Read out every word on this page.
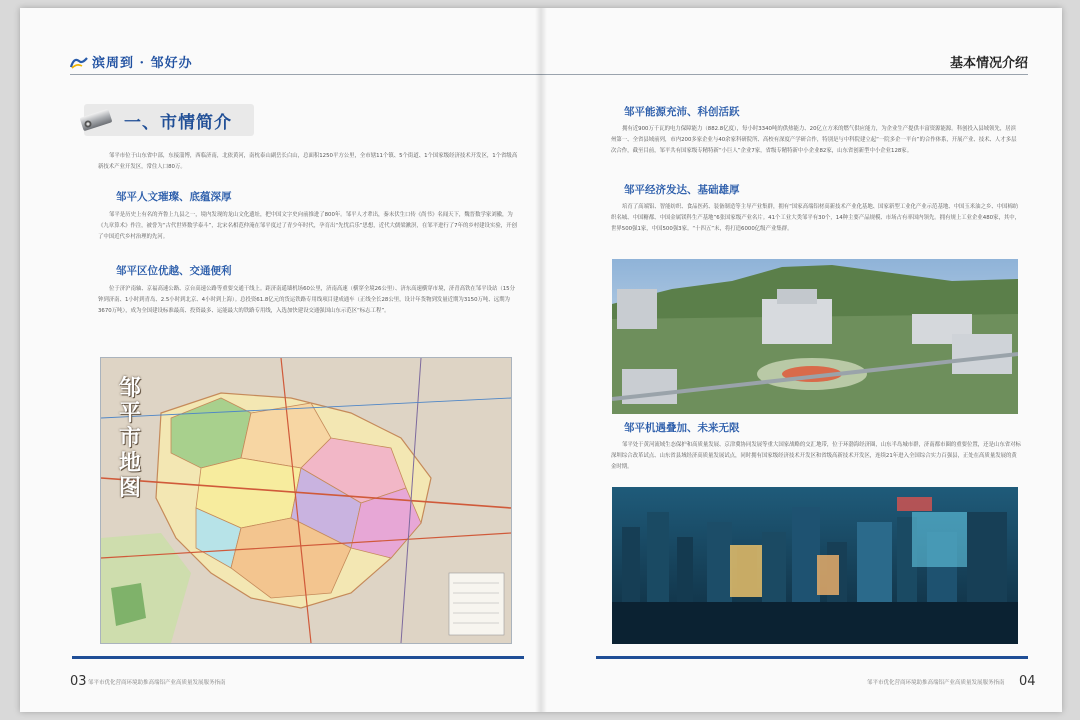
滨周到 · 邹好办
一、市情简介
邹平市位于山东省中部，东接淄博，西临济南，北依黄河，南枕泰山副岳长白山，总面积1250平方公里，全市辖11个镇、5个街道、1个国家级经济技术开发区，1个省级高新技术产业开发区，常住人口80万。
邹平人文璀璨、底蕴深厚
邹平是历史上有名的齐鲁上九县之一，境内发现的龙山文化遗址，把中国文字史向前推进了800年。邹平人才辈出，秦末伏生口传《尚书》名闻天下，魏晋数学家刘徽，为《九章算术》作注，被誉为“古代世界数学泰斗”，北宋名相范仲淹在邹平度过了青少年时代，孕育出“先忧后乐”思想，近代大儒梁漱溟，在邹平进行了7年的乡村建设实验，开创了中国近代乡村治理的先河。
邹平区位优越、交通便利
位于济沪南轴、京福高速公路、京台高速公路等重要交通干线上。距济南遥墙机场60公里，济南高速（横穿全境26公里）、济东高速横穿市境，济青高铁在邹平设站（15分钟到济南、1小时到青岛、2.5小时到北京、4小时到上海）。总投资61.8亿元的货运铁路专用线项目建成通车（正线全长28公里，设计年货物到发量近期为3150万吨、远期为3670万吨），成为全国建设标准最高、投资最多、运能最大的铁路专用线，入选加快建设交通强国山东示范区“标志工程”。
邹平市地图
03 邹平市优化营商环境助推高端铝产业高质量发展服务指南
基本情况介绍
邹平能源充沛、科创活跃
拥有近900万千瓦的电力保障能力（882.8亿度），每小时3340吨的供热能力、20亿立方米的燃气供应能力，为企业生产提供丰富资源能源。科创投入县域领先，居滨州第一、全省县域前列，市内200多家企业与40余家科研院所、高校有深度产学研合作，特别是与中科院建立起“一院多企一平台”的合作体系，开展产业、技术、人才多层次合作，截至目前，邹平共有国家级专精特新“小巨人”企业7家，省级专精特新中小企业82家，山东省创新型中小企业128家。
邹平经济发达、基础雄厚
培育了高端铝、智能纺织、食品医药、装备制造等主导产业集群，拥有“国家高端铝材高新技术产业化基地、国家新型工业化产业示范基地、中国玉米油之乡、中国棉纺织名城、中国糖都、中国金属镁科生产基地”6张国家级产业名片。41个工业大类邹平有30个，14种主要产品规模、市场占有率国内领先。拥有规上工业企业480家，其中，世界500强1家，中国500强3家。“十四五”末，将打造6000亿级产业集群。
邹平机遇叠加、未来无限
邹平处于黄河流域生态保护和高质量发展、京津冀协同发展等重大国家战略的交汇地带，位于环渤海经济圈，山东半岛城市群，济南都市圈的重要位置，还是山东省对标深圳综合改革试点、山东省县域经济高质量发展试点，同时拥有国家级经济技术开发区和省级高新技术开发区，连续21年进入全国综合实力百强县，正处在高质量发展的黄金时期。
邹平市优化营商环境助推高端铝产业高质量发展服务指南 04
